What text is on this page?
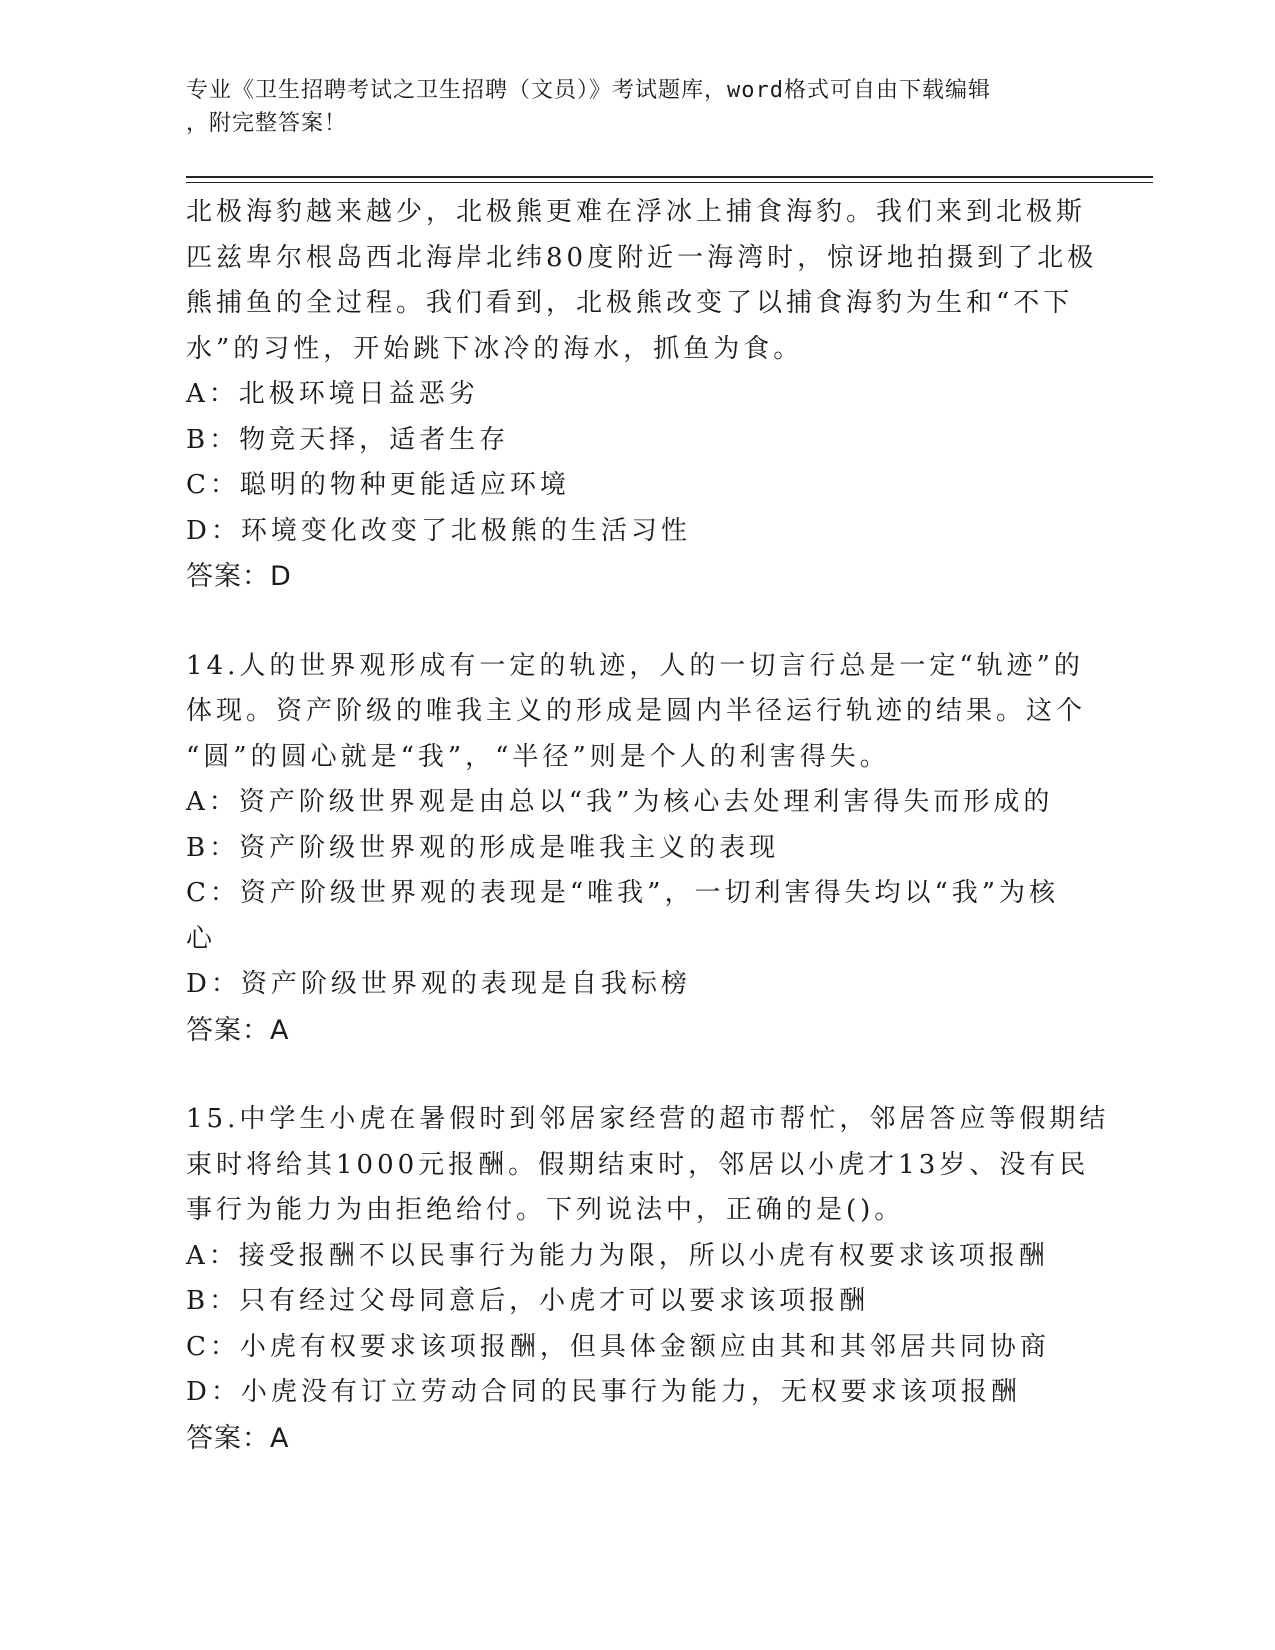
专业《卫生招聘考试之卫生招聘（文员）》考试题库，word格式可自由下载编辑
，附完整答案！
北极海豹越来越少，北极熊更难在浮冰上捕食海豹。我们来到北极斯
匹兹卑尔根岛西北海岸北纬80度附近一海湾时，惊讶地拍摄到了北极
熊捕鱼的全过程。我们看到，北极熊改变了以捕食海豹为生和“不下
水”的习性，开始跳下冰冷的海水，抓鱼为食。
A：北极环境日益恶劣
B：物竞天择，适者生存
C：聪明的物种更能适应环境
D：环境变化改变了北极熊的生活习性
答案：D
14.人的世界观形成有一定的轨迹，人的一切言行总是一定“轨迹”的
体现。资产阶级的唯我主义的形成是圆内半径运行轨迹的结果。这个
“圆”的圆心就是“我”，“半径”则是个人的利害得失。
A：资产阶级世界观是由总以“我”为核心去处理利害得失而形成的
B：资产阶级世界观的形成是唯我主义的表现
C：资产阶级世界观的表现是“唯我”，一切利害得失均以“我”为核
心
D：资产阶级世界观的表现是自我标榜
答案：A
15.中学生小虎在暑假时到邻居家经营的超市帮忙，邻居答应等假期结
束时将给其1000元报酬。假期结束时，邻居以小虎才13岁、没有民
事行为能力为由拒绝给付。下列说法中，正确的是()。
A：接受报酬不以民事行为能力为限，所以小虎有权要求该项报酬
B：只有经过父母同意后，小虎才可以要求该项报酬
C：小虎有权要求该项报酬，但具体金额应由其和其邻居共同协商
D：小虎没有订立劳动合同的民事行为能力，无权要求该项报酬
答案：A
